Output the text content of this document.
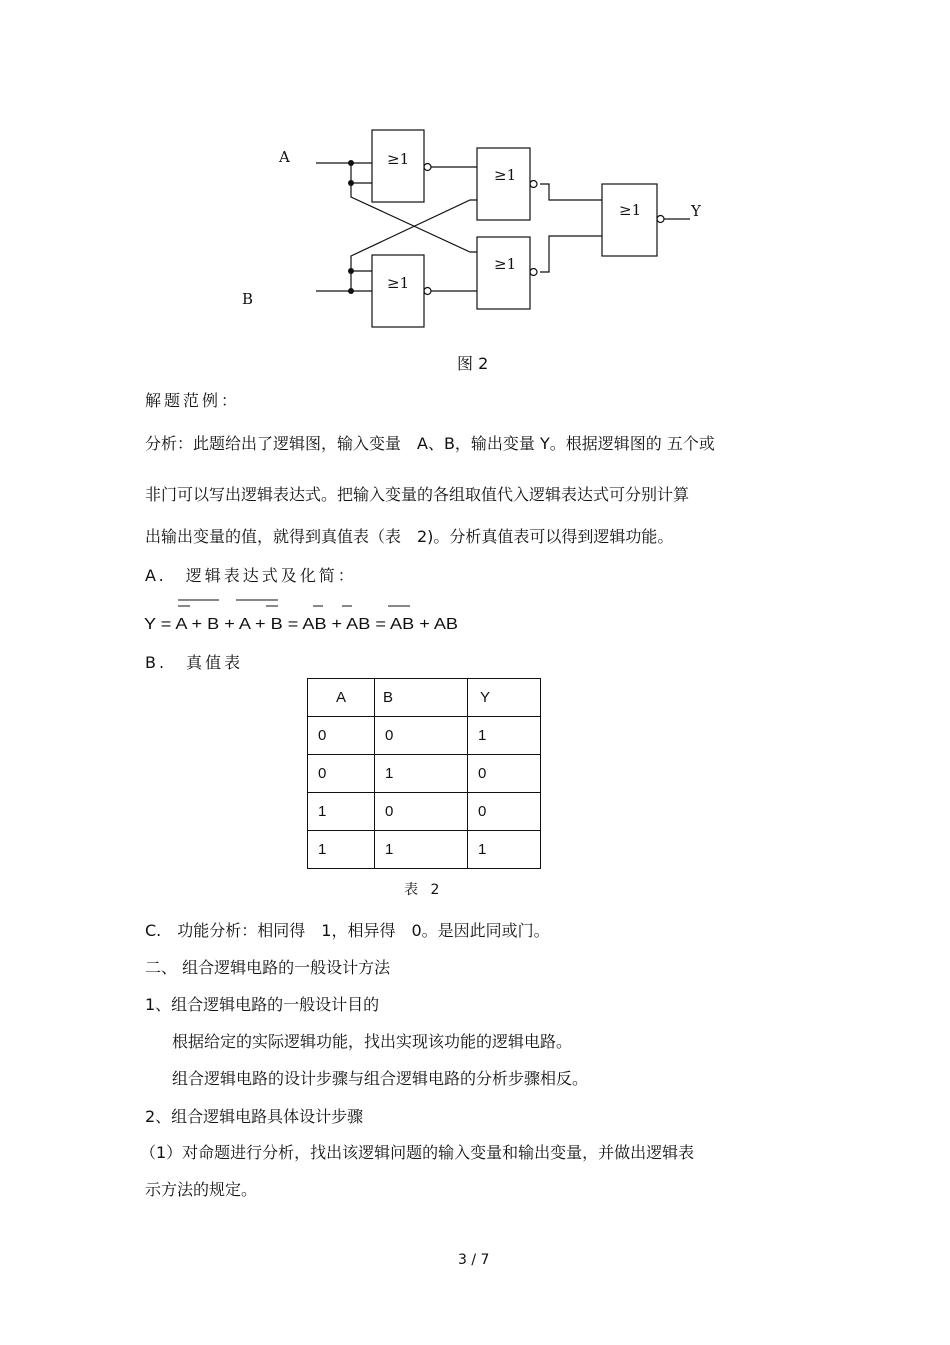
A
B
Y
≥1
≥1
≥1
≥1
≥1
图 2
解题范例：
分析：此题给出了逻辑图，输入变量　A、B，输出变量 Y。根据逻辑图的 五个或
非门可以写出逻辑表达式。把输入变量的各组取值代入逻辑表达式可分别计算
出输出变量的值，就得到真值表（表　2)。分析真值表可以得到逻辑功能。
A.　逻辑表达式及化简：
Y = A + B + A + B = AB + AB = AB + AB
B.　真值表
A	B	Y
0	0	1
0	1	0
1	0	0
1	1	1
表 2
C.　功能分析：相同得　1，相异得　0。是因此同或门。
二、 组合逻辑电路的一般设计方法
1、组合逻辑电路的一般设计目的
根据给定的实际逻辑功能，找出实现该功能的逻辑电路。
组合逻辑电路的设计步骤与组合逻辑电路的分析步骤相反。
2、组合逻辑电路具体设计步骤
（1）对命题进行分析，找出该逻辑问题的输入变量和输出变量，并做出逻辑表
示方法的规定。
3 / 7
